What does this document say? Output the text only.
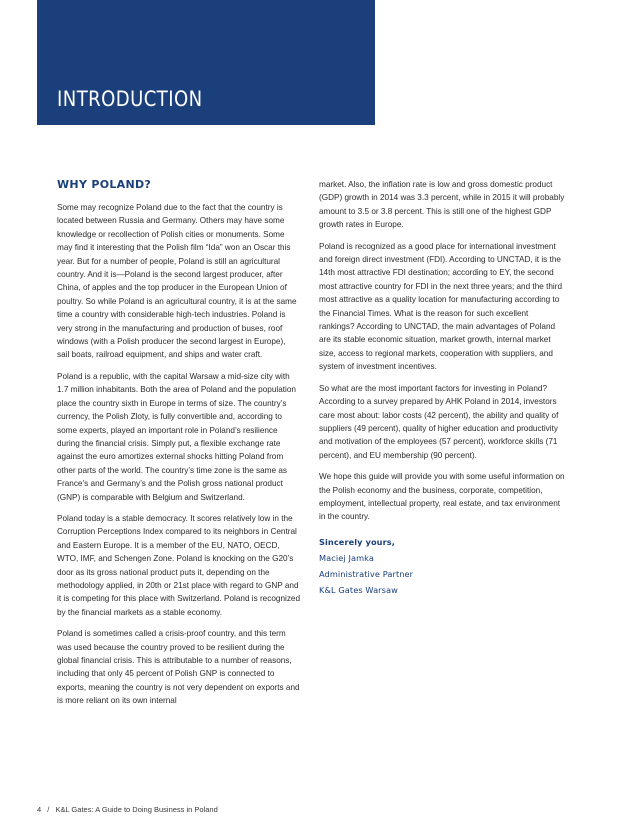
INTRODUCTION
WHY POLAND?

Some may recognize Poland due to the fact that the country is located between Russia and Germany. Others may have some knowledge or recollection of Polish cities or monuments. Some may find it interesting that the Polish film “Ida” won an Oscar this year. But for a number of people, Poland is still an agricultural country. And it is—Poland is the second largest producer, after China, of apples and the top producer in the European Union of poultry. So while Poland is an agricultural country, it is at the same time a country with considerable high-tech industries. Poland is very strong in the manufacturing and production of buses, roof windows (with a Polish producer the second largest in Europe), sail boats, railroad equipment, and ships and water craft.

Poland is a republic, with the capital Warsaw a mid-size city with 1.7 million inhabitants. Both the area of Poland and the population place the country sixth in Europe in terms of size. The country’s currency, the Polish Zloty, is fully convertible and, according to some experts, played an important role in Poland’s resilience during the financial crisis. Simply put, a flexible exchange rate against the euro amortizes external shocks hitting Poland from other parts of the world. The country’s time zone is the same as France’s and Germany’s and the Polish gross national product (GNP) is comparable with Belgium and Switzerland.

Poland today is a stable democracy. It scores relatively low in the Corruption Perceptions Index compared to its neighbors in Central and Eastern Europe. It is a member of the EU, NATO, OECD, WTO, IMF, and Schengen Zone. Poland is knocking on the G20’s door as its gross national product puts it, depending on the methodology applied, in 20th or 21st place with regard to GNP and it is competing for this place with Switzerland. Poland is recognized by the financial markets as a stable economy.

Poland is sometimes called a crisis-proof country, and this term was used because the country proved to be resilient during the global financial crisis. This is attributable to a number of reasons, including that only 45 percent of Polish GNP is connected to exports, meaning the country is not very dependent on exports and is more reliant on its own internal

market. Also, the inflation rate is low and gross domestic product (GDP) growth in 2014 was 3.3 percent, while in 2015 it will probably amount to 3.5 or 3.8 percent. This is still one of the highest GDP growth rates in Europe.

Poland is recognized as a good place for international investment and foreign direct investment (FDI). According to UNCTAD, it is the 14th most attractive FDI destination; according to EY, the second most attractive country for FDI in the next three years; and the third most attractive as a quality location for manufacturing according to the Financial Times. What is the reason for such excellent rankings? According to UNCTAD, the main advantages of Poland are its stable economic situation, market growth, internal market size, access to regional markets, cooperation with suppliers, and system of investment incentives.

So what are the most important factors for investing in Poland? According to a survey prepared by AHK Poland in 2014, investors care most about: labor costs (42 percent), the ability and quality of suppliers (49 percent), quality of higher education and productivity and motivation of the employees (57 percent), workforce skills (71 percent), and EU membership (90 percent).

We hope this guide will provide you with some useful information on the Polish economy and the business, corporate, competition, employment, intellectual property, real estate, and tax environment in the country.

Sincerely yours,
Maciej Jamka
Administrative Partner
K&L Gates Warsaw
4 / K&L Gates: A Guide to Doing Business in Poland
